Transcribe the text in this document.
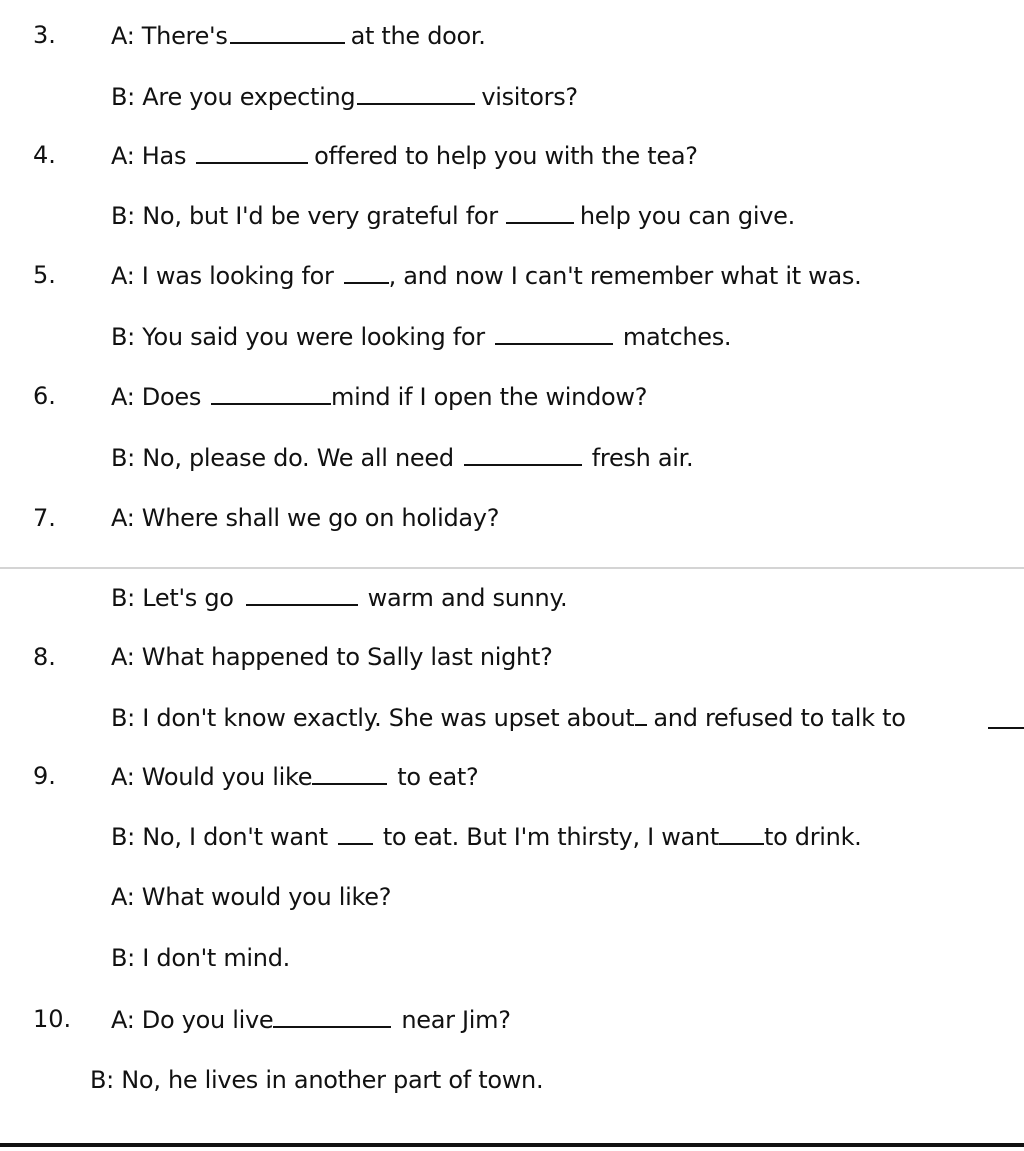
3. A: There's	at the door.
B: Are you expecting	visitors?
4. A: Has	offered to help you with the tea?
B: No, but I'd be very grateful for	help you can give.
5. A: I was looking for , and now I can't remember what it was.
B: You said you were looking for	matches.
6. A: Does	mind if I open the window?
B: No, please do. We all need	fresh air.
7. A: Where shall we go on holiday?
B: Let's go	warm and sunny.
8. A: What happened to Sally last night?
B: I don't know exactly. She was upset about and refused to talk to
9. A: Would you like	to eat?
B: No, I don't want to eat. But I'm thirsty, I want to drink.
A: What would you like?
B: I don't mind.
10. A: Do you live	near Jim?
B: No, he lives in another part of town.
